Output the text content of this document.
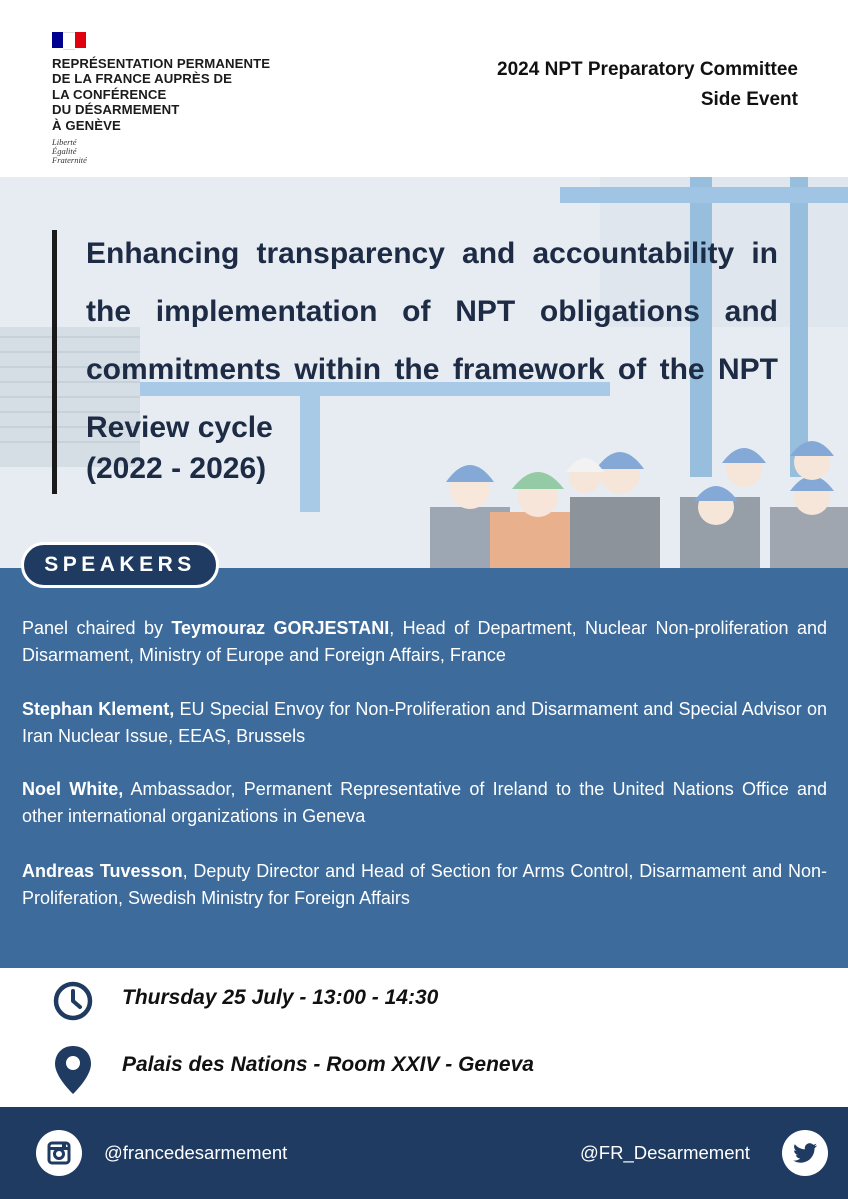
REPRÉSENTATION PERMANENTE
DE LA FRANCE AUPRÈS DE
LA CONFÉRENCE
DU DÉSARMEMENT
À GENÈVE
Liberté
Égalité
Fraternité
2024 NPT Preparatory Committee
Side Event
Enhancing transparency and accountability in the implementation of NPT obligations and commitments within the framework of the NPT Review cycle
(2022 - 2026)
SPEAKERS
Panel chaired by Teymouraz GORJESTANI, Head of Department, Nuclear Non-proliferation and Disarmament, Ministry of Europe and Foreign Affairs, France
Stephan Klement, EU Special Envoy for Non-Proliferation and Disarmament and Special Advisor on Iran Nuclear Issue, EEAS, Brussels
Noel White, Ambassador, Permanent Representative of Ireland to the United Nations Office and other international organizations in Geneva
Andreas Tuvesson, Deputy Director and Head of Section for Arms Control, Disarmament and Non-Proliferation, Swedish Ministry for Foreign Affairs
Thursday 25 July - 13:00 - 14:30
Palais des Nations - Room XXIV - Geneva
@francedesarmement	@FR_Desarmement
